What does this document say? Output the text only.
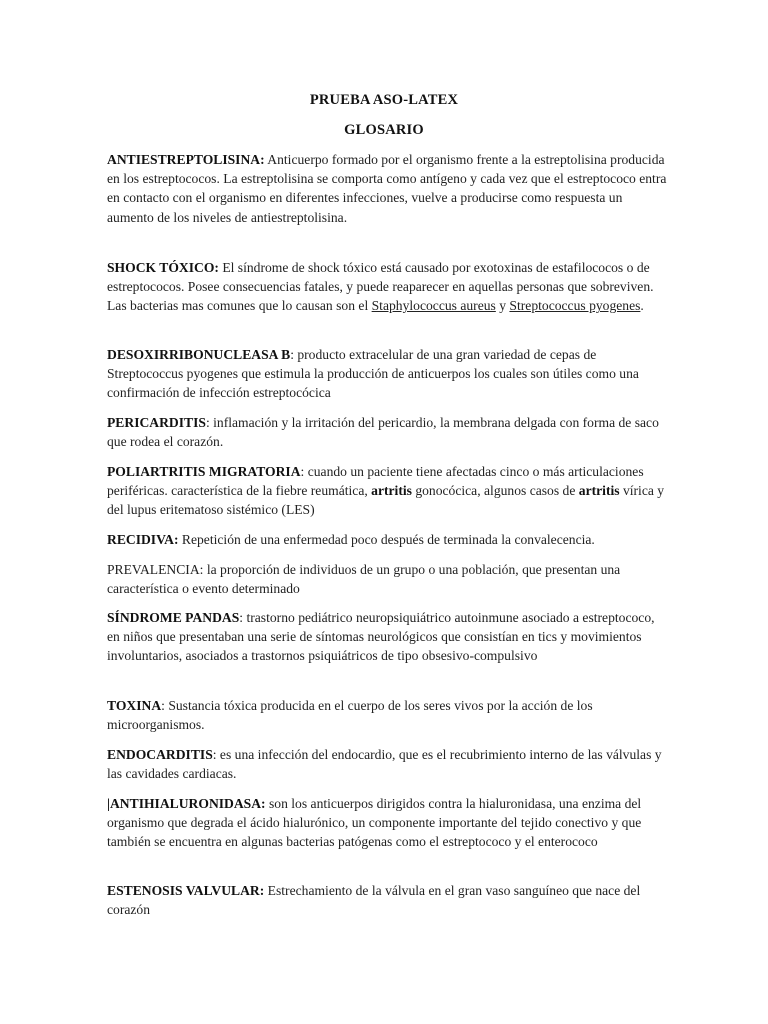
PRUEBA ASO-LATEX
GLOSARIO
ANTIESTREPTOLISINA: Anticuerpo formado por el organismo frente a la estreptolisina producida en los estreptococos. La estreptolisina se comporta como antígeno y cada vez que el estreptococo entra en contacto con el organismo en diferentes infecciones, vuelve a producirse como respuesta un aumento de los niveles de antiestreptolisina.
SHOCK TÓXICO: El síndrome de shock tóxico está causado por exotoxinas de estafilococos o de estreptococos. Posee consecuencias fatales, y puede reaparecer en aquellas personas que sobreviven. Las bacterias mas comunes que lo causan son el Staphylococcus aureus y Streptococcus pyogenes.
DESOXIRRIBONUCLEASA B: producto extracelular de una gran variedad de cepas de Streptococcus pyogenes que estimula la producción de anticuerpos los cuales son útiles como una confirmación de infección estreptocócica
PERICARDITIS: inflamación y la irritación del pericardio, la membrana delgada con forma de saco que rodea el corazón.
POLIARTRITIS MIGRATORIA: cuando un paciente tiene afectadas cinco o más articulaciones periféricas. característica de la fiebre reumática, artritis gonocócica, algunos casos de artritis vírica y del lupus eritematoso sistémico (LES)
RECIDIVA: Repetición de una enfermedad poco después de terminada la convalecencia.
PREVALENCIA: la proporción de individuos de un grupo o una población, que presentan una característica o evento determinado
SÍNDROME PANDAS: trastorno pediátrico neuropsiquiátrico autoinmune asociado a estreptococo, en niños que presentaban una serie de síntomas neurológicos que consistían en tics y movimientos involuntarios, asociados a trastornos psiquiátricos de tipo obsesivo-compulsivo
TOXINA: Sustancia tóxica producida en el cuerpo de los seres vivos por la acción de los microorganismos.
ENDOCARDITIS: es una infección del endocardio, que es el recubrimiento interno de las válvulas y las cavidades cardiacas.
|ANTIHIALURONIDASA: son los anticuerpos dirigidos contra la hialuronidasa, una enzima del organismo que degrada el ácido hialurónico, un componente importante del tejido conectivo y que también se encuentra en algunas bacterias patógenas como el estreptococo y el enterococo
ESTENOSIS VALVULAR: Estrechamiento de la válvula en el gran vaso sanguíneo que nace del corazón
